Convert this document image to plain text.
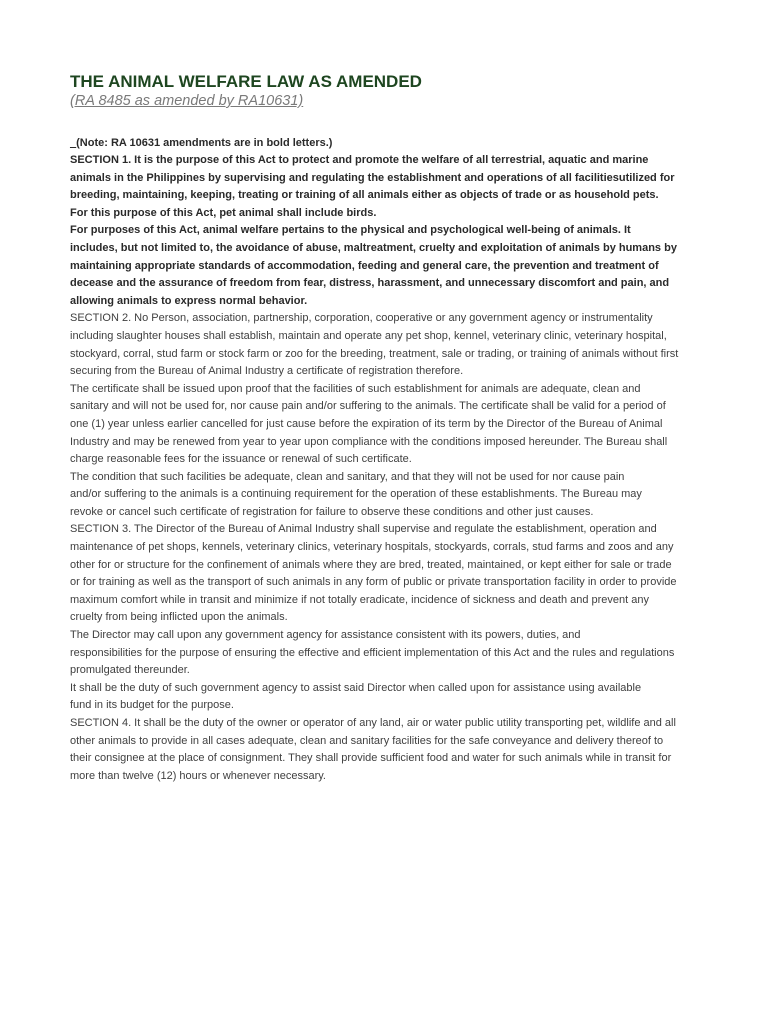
THE ANIMAL WELFARE LAW AS AMENDED
(RA 8485 as amended by RA10631)
_(Note: RA 10631 amendments are in bold letters.)

SECTION 1. It is the purpose of this Act to protect and promote the welfare of all terrestrial, aquatic and marine
animals in the Philippines by supervising and regulating the establishment and operations of all facilitiesutilized for
breeding, maintaining, keeping, treating or training of all animals either as objects of trade or as household pets.
For this purpose of this Act, pet animal shall include birds.

For purposes of this Act, animal welfare pertains to the physical and psychological well-being of animals. It
includes, but not limited to, the avoidance of abuse, maltreatment, cruelty and exploitation of animals by humans by
maintaining appropriate standards of accommodation, feeding and general care, the prevention and treatment of
decease and the assurance of freedom from fear, distress, harassment, and unnecessary discomfort and pain, and
allowing animals to express normal behavior.

SECTION 2. No Person, association, partnership, corporation, cooperative or any government agency or instrumentality
including slaughter houses shall establish, maintain and operate any pet shop, kennel, veterinary clinic, veterinary hospital,
stockyard, corral, stud farm or stock farm or zoo for the breeding, treatment, sale or trading, or training of animals without first
securing from the Bureau of Animal Industry a certificate of registration therefore.

The certificate shall be issued upon proof that the facilities of such establishment for animals are adequate, clean and
sanitary and will not be used for, nor cause pain and/or suffering to the animals. The certificate shall be valid for a period of
one (1) year unless earlier cancelled for just cause before the expiration of its term by the Director of the Bureau of Animal
Industry and may be renewed from year to year upon compliance with the conditions imposed hereunder. The Bureau shall
charge reasonable fees for the issuance or renewal of such certificate.

The condition that such facilities be adequate, clean and sanitary, and that they will not be used for nor cause pain
and/or suffering to the animals is a continuing requirement for the operation of these establishments. The Bureau may
revoke or cancel such certificate of registration for failure to observe these conditions and other just causes.

SECTION 3. The Director of the Bureau of Animal Industry shall supervise and regulate the establishment, operation and
maintenance of pet shops, kennels, veterinary clinics, veterinary hospitals, stockyards, corrals, stud farms and zoos and any
other for or structure for the confinement of animals where they are bred, treated, maintained, or kept either for sale or trade
or for training as well as the transport of such animals in any form of public or private transportation facility in order to provide
maximum comfort while in transit and minimize if not totally eradicate, incidence of sickness and death and prevent any
cruelty from being inflicted upon the animals.

The Director may call upon any government agency for assistance consistent with its powers, duties, and
responsibilities for the purpose of ensuring the effective and efficient implementation of this Act and the rules and regulations
promulgated thereunder.

It shall be the duty of such government agency to assist said Director when called upon for assistance using available
fund in its budget for the purpose.

SECTION 4. It shall be the duty of the owner or operator of any land, air or water public utility transporting pet, wildlife and all
other animals to provide in all cases adequate, clean and sanitary facilities for the safe conveyance and delivery thereof to
their consignee at the place of consignment. They shall provide sufficient food and water for such animals while in transit for
more than twelve (12) hours or whenever necessary.
